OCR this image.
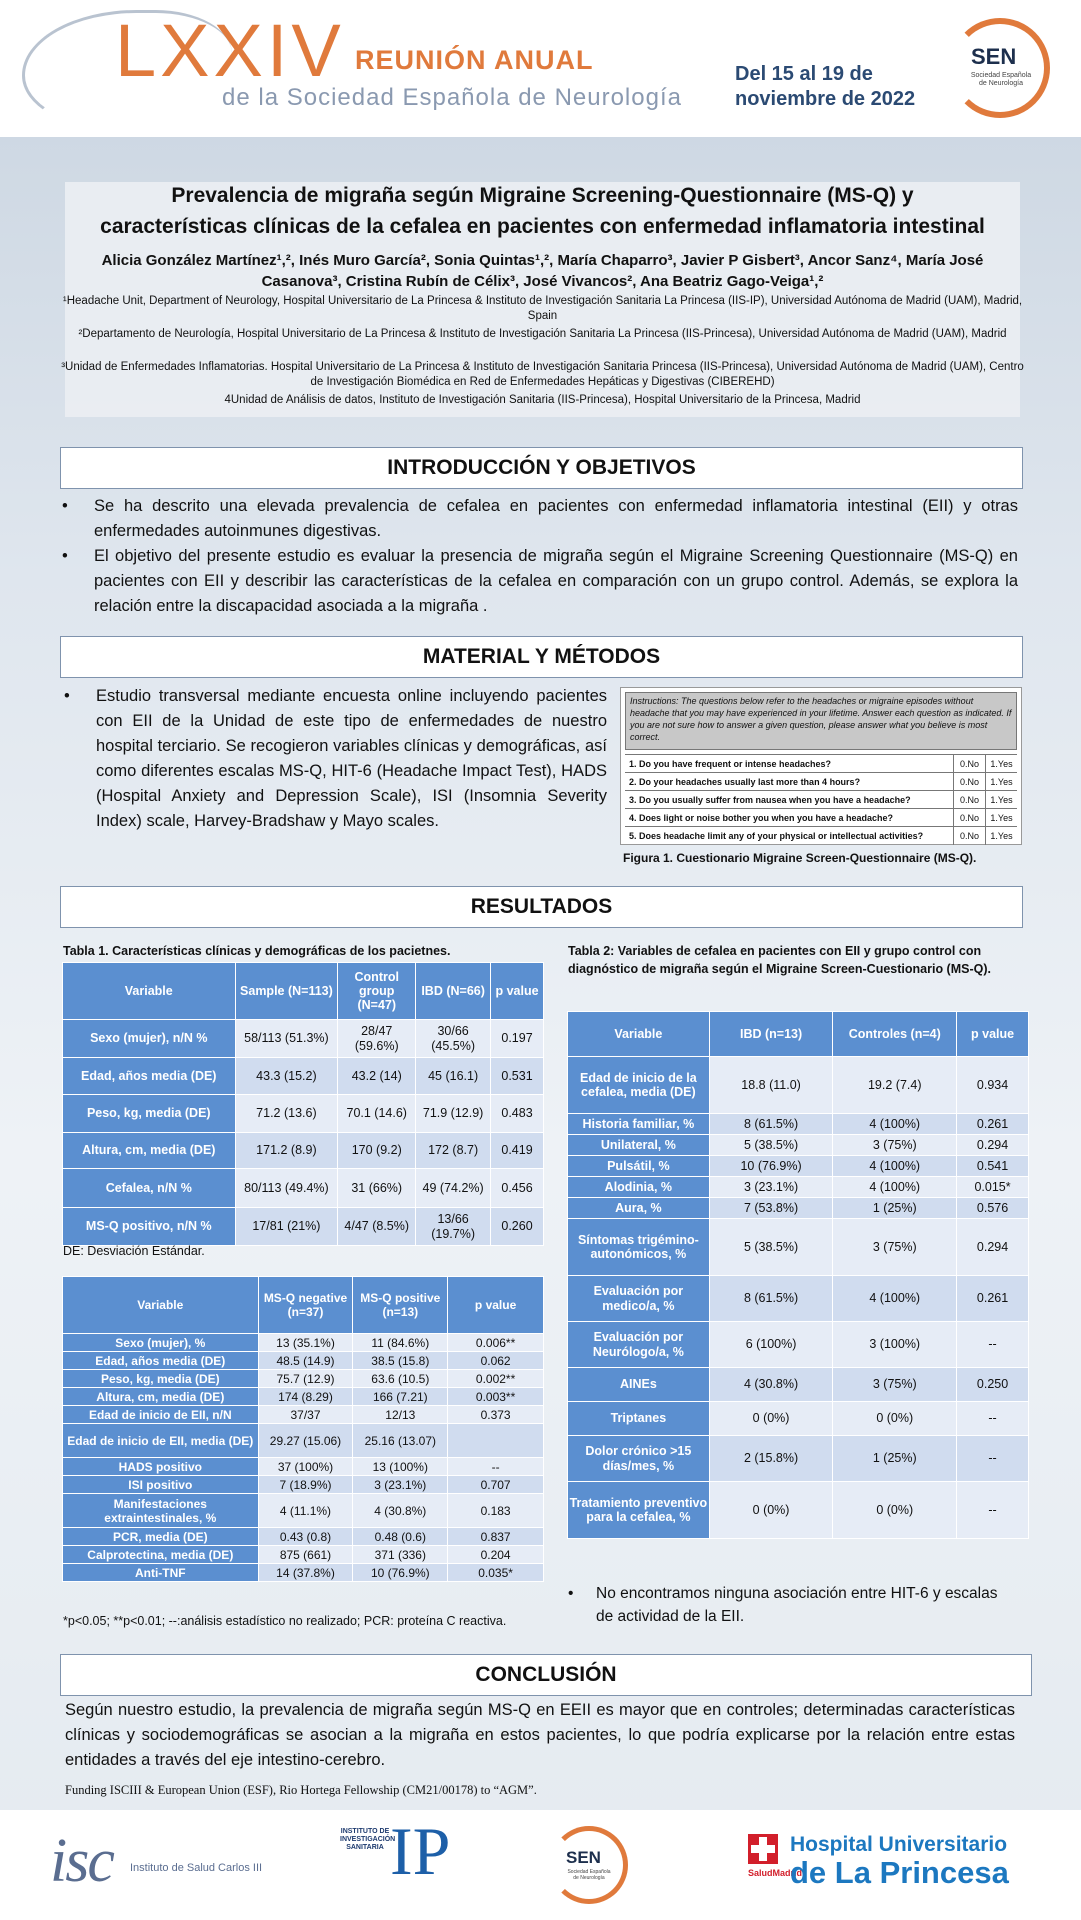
LXXIV REUNIÓN ANUAL
de la Sociedad Española de Neurología
Del 15 al 19 de
noviembre de 2022
SEN
Sociedad Española de Neurología
Prevalencia de migraña según Migraine Screening-Questionnaire (MS-Q) y
características clínicas de la cefalea en pacientes con enfermedad inflamatoria intestinal
Alicia González Martínez¹,², Inés Muro García², Sonia Quintas¹,², María Chaparro³, Javier P Gisbert³, Ancor Sanz⁴, María José
Casanova³, Cristina Rubín de Célix³, José Vivancos², Ana Beatriz Gago-Veiga¹,²
¹Headache Unit, Department of Neurology, Hospital Universitario de La Princesa & Instituto de Investigación Sanitaria La Princesa (IIS-IP), Universidad Autónoma de Madrid (UAM), Madrid, Spain
²Departamento de Neurología, Hospital Universitario de La Princesa & Instituto de Investigación Sanitaria La Princesa (IIS-Princesa), Universidad Autónoma de Madrid (UAM), Madrid
³Unidad de Enfermedades Inflamatorias. Hospital Universitario de La Princesa & Instituto de Investigación Sanitaria Princesa (IIS-Princesa), Universidad Autónoma de Madrid (UAM), Centro de Investigación Biomédica en Red de Enfermedades Hepáticas y Digestivas (CIBEREHD)
4Unidad de Análisis de datos, Instituto de Investigación Sanitaria (IIS-Princesa), Hospital Universitario de la Princesa, Madrid
INTRODUCCIÓN Y OBJETIVOS
• Se ha descrito una elevada prevalencia de cefalea en pacientes con enfermedad inflamatoria intestinal (EII) y otras enfermedades autoinmunes digestivas.
• El objetivo del presente estudio es evaluar la presencia de migraña según el Migraine Screening Questionnaire (MS-Q) en pacientes con EII y describir las características de la cefalea en comparación con un grupo control. Además, se explora la relación entre la discapacidad asociada a la migraña .
MATERIAL Y MÉTODOS
• Estudio transversal mediante encuesta online incluyendo pacientes con EII de la Unidad de este tipo de enfermedades de nuestro hospital terciario. Se recogieron variables clínicas y demográficas, así como diferentes escalas MS-Q, HIT-6 (Headache Impact Test), HADS (Hospital Anxiety and Depression Scale), ISI (Insomnia Severity Index) scale, Harvey-Bradshaw y Mayo scales.
Instructions: The questions below refer to the headaches or migraine episodes without headache that you may have experienced in your lifetime. Answer each question as indicated. If you are not sure how to answer a given question, please answer what you believe is most correct.
1. Do you have frequent or intense headaches?	0.No	1.Yes
2. Do your headaches usually last more than 4 hours?	0.No	1.Yes
3. Do you usually suffer from nausea when you have a headache?	0.No	1.Yes
4. Does light or noise bother you when you have a headache?	0.No	1.Yes
5. Does headache limit any of your physical or intellectual activities?	0.No	1.Yes
Figura 1. Cuestionario Migraine Screen-Questionnaire (MS-Q).
RESULTADOS
Tabla 1. Características clínicas y demográficas de los pacietnes.
Variable	Sample (N=113)	Control group (N=47)	IBD (N=66)	p value
Sexo (mujer), n/N %	58/113 (51.3%)	28/47 (59.6%)	30/66 (45.5%)	0.197
Edad, años media (DE)	43.3 (15.2)	43.2 (14)	45 (16.1)	0.531
Peso, kg, media (DE)	71.2 (13.6)	70.1 (14.6)	71.9 (12.9)	0.483
Altura, cm, media (DE)	171.2 (8.9)	170 (9.2)	172 (8.7)	0.419
Cefalea, n/N %	80/113 (49.4%)	31 (66%)	49 (74.2%)	0.456
MS-Q positivo, n/N %	17/81 (21%)	4/47 (8.5%)	13/66 (19.7%)	0.260
DE: Desviación Estándar.
Variable	MS-Q negative (n=37)	MS-Q positive (n=13)	p value
Sexo (mujer), %	13 (35.1%)	11 (84.6%)	0.006**
Edad, años media (DE)	48.5 (14.9)	38.5 (15.8)	0.062
Peso, kg, media (DE)	75.7 (12.9)	63.6 (10.5)	0.002**
Altura, cm, media (DE)	174 (8.29)	166 (7.21)	0.003**
Edad de inicio de EII, n/N	37/37	12/13	0.373
Edad de inicio de EII, media (DE)	29.27 (15.06)	25.16 (13.07)	
HADS positivo	37 (100%)	13 (100%)	--
ISI positivo	7 (18.9%)	3 (23.1%)	0.707
Manifestaciones extraintestinales, %	4 (11.1%)	4 (30.8%)	0.183
PCR, media (DE)	0.43 (0.8)	0.48 (0.6)	0.837
Calprotectina, media (DE)	875 (661)	371 (336)	0.204
Anti-TNF	14 (37.8%)	10 (76.9%)	0.035*
*p<0.05; **p<0.01; --:análisis estadístico no realizado; PCR: proteína C reactiva.
Tabla 2: Variables de cefalea en pacientes con EII y grupo control con diagnóstico de migraña según el Migraine Screen-Cuestionario (MS-Q).
Variable	IBD (n=13)	Controles (n=4)	p value
Edad de inicio de la cefalea, media (DE)	18.8 (11.0)	19.2 (7.4)	0.934
Historia familiar, %	8 (61.5%)	4 (100%)	0.261
Unilateral, %	5 (38.5%)	3 (75%)	0.294
Pulsátil, %	10 (76.9%)	4 (100%)	0.541
Alodinia, %	3 (23.1%)	4 (100%)	0.015*
Aura, %	7 (53.8%)	1 (25%)	0.576
Síntomas trigémino-autonómicos, %	5 (38.5%)	3 (75%)	0.294
Evaluación por medico/a, %	8 (61.5%)	4 (100%)	0.261
Evaluación por Neurólogo/a, %	6 (100%)	3 (100%)	--
AINEs	4 (30.8%)	3 (75%)	0.250
Triptanes	0 (0%)	0 (0%)	--
Dolor crónico >15 días/mes, %	2 (15.8%)	1 (25%)	--
Tratamiento preventivo para la cefalea, %	0 (0%)	0 (0%)	--
• No encontramos ninguna asociación entre HIT-6 y escalas de actividad de la EII.
CONCLUSIÓN
Según nuestro estudio, la prevalencia de migraña según MS-Q en EEII es mayor que en controles; determinadas características clínicas y sociodemográficas se asocian a la migraña en estos pacientes, lo que podría explicarse por la relación entre estas entidades a través del eje intestino-cerebro.
Funding ISCIII & European Union (ESF), Rio Hortega Fellowship (CM21/00178) to “AGM”.
isc Instituto de Salud Carlos III
INSTITUTO DE INVESTIGACIÓN SANITARIA IP	SEN
Sociedad Española de Neurología	SaludMadrid
Hospital Universitario
de La Princesa
